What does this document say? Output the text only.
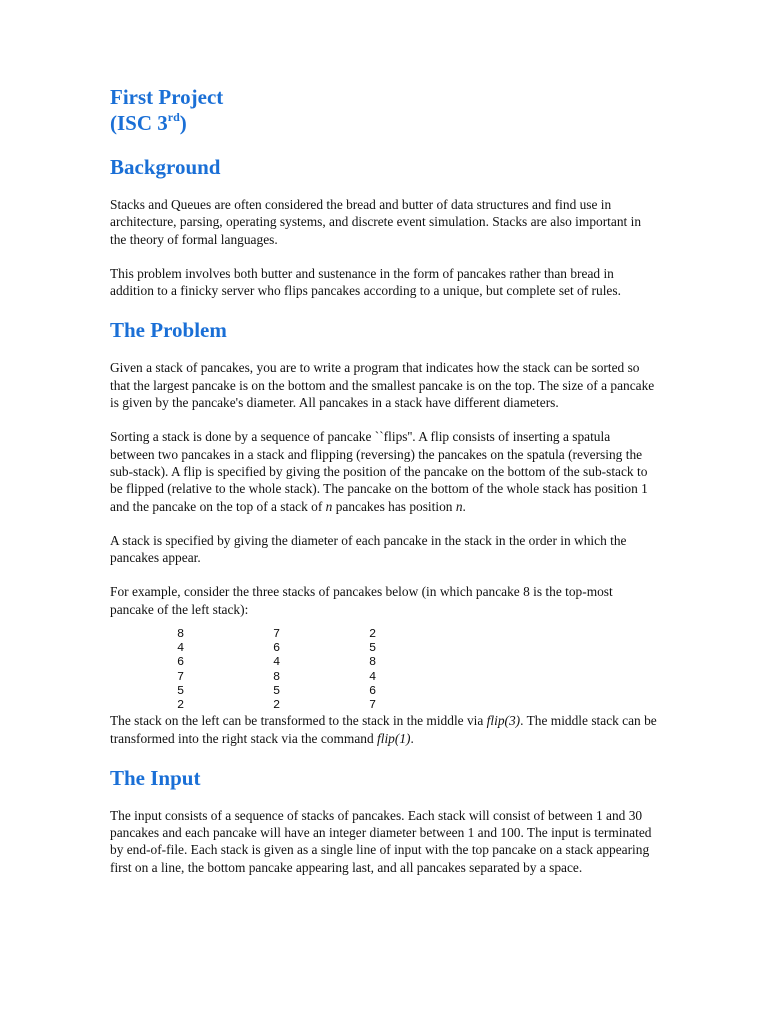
First Project
(ISC 3rd)
Background

Stacks and Queues are often considered the bread and butter of data structures and find use in architecture, parsing, operating systems, and discrete event simulation. Stacks are also important in the theory of formal languages.

This problem involves both butter and sustenance in the form of pancakes rather than bread in addition to a finicky server who flips pancakes according to a unique, but complete set of rules.

The Problem

Given a stack of pancakes, you are to write a program that indicates how the stack can be sorted so that the largest pancake is on the bottom and the smallest pancake is on the top. The size of a pancake is given by the pancake's diameter. All pancakes in a stack have different diameters.

Sorting a stack is done by a sequence of pancake ``flips''. A flip consists of inserting a spatula between two pancakes in a stack and flipping (reversing) the pancakes on the spatula (reversing the sub-stack). A flip is specified by giving the position of the pancake on the bottom of the sub-stack to be flipped (relative to the whole stack). The pancake on the bottom of the whole stack has position 1 and the pancake on the top of a stack of n pancakes has position n.

A stack is specified by giving the diameter of each pancake in the stack in the order in which the pancakes appear.

For example, consider the three stacks of pancakes below (in which pancake 8 is the top-most pancake of the left stack):

8	7	2
4	6	5
6	4	8
7	8	4
5	5	6
2	2	7

The stack on the left can be transformed to the stack in the middle via flip(3). The middle stack can be transformed into the right stack via the command flip(1).

The Input

The input consists of a sequence of stacks of pancakes. Each stack will consist of between 1 and 30 pancakes and each pancake will have an integer diameter between 1 and 100. The input is terminated by end-of-file. Each stack is given as a single line of input with the top pancake on a stack appearing first on a line, the bottom pancake appearing last, and all pancakes separated by a space.
